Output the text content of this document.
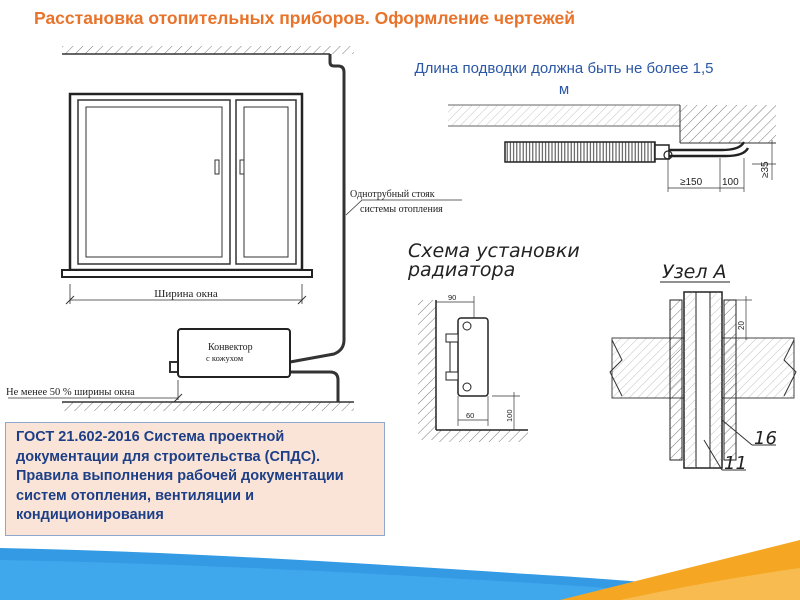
Ширина окна
Конвектор
с кожухом
Не менее 50 % ширины окна
Однотрубный стояк
системы отопления
≥150 100
≥35
Схема установки
радиатора
90
60	100
Узел А
20
16
11
Расстановка отопительных приборов. Оформление чертежей
Длина подводки должна быть не более 1,5 м
ГОСТ 21.602-2016 Система проектной документации для строительства (СПДС). Правила выполнения рабочей документации систем отопления, вентиляции и кондиционирования
